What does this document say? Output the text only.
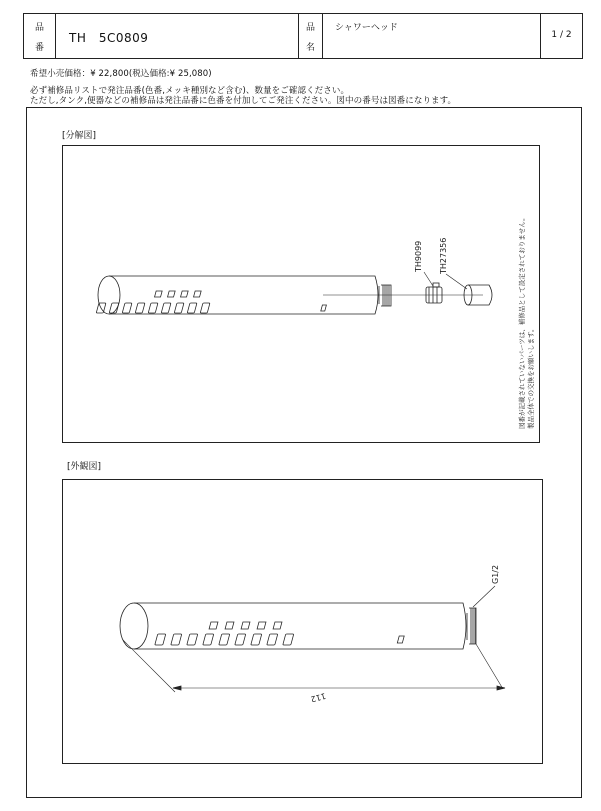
品
番
TH　5C0809
品
名
シャワーヘッド
1 / 2
希望小売価格：¥ 22,800(税込価格:¥ 25,080)
必ず補修品リストで発注品番(色番,メッキ種別など含む)、数量をご確認ください。
ただし,タンク,便器などの補修品は発注品番に色番を付加してご発注ください。図中の番号は図番になります。
[分解図]
TH9099 TH27356	図番が記載されていないパーツは、補修品として設定されておりません。 製品全体での交換をお願いします。
[外観図]
G1/2
112
